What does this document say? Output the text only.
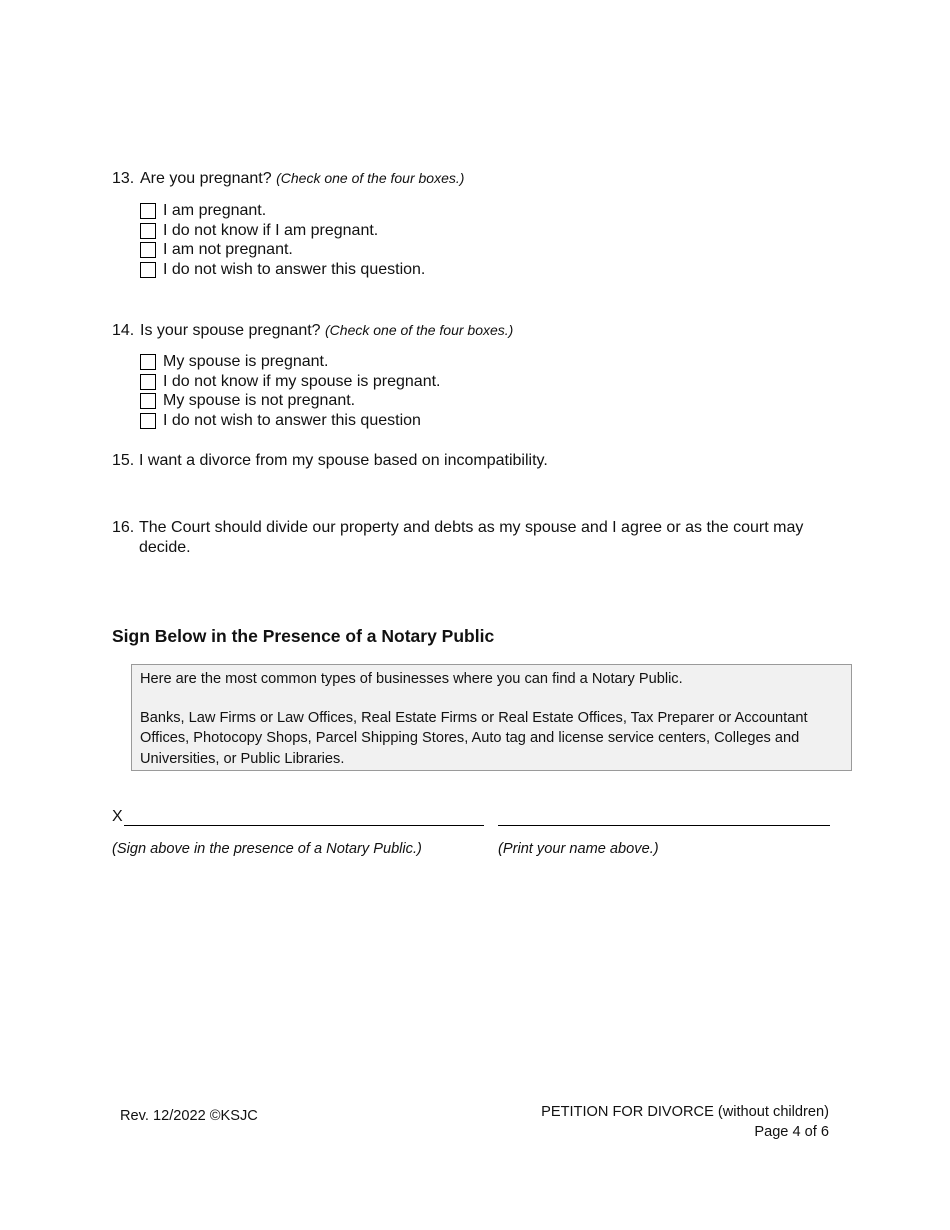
13. Are you pregnant? (Check one of the four boxes.)
I am pregnant.
I do not know if I am pregnant.
I am not pregnant.
I do not wish to answer this question.
14. Is your spouse pregnant? (Check one of the four boxes.)
My spouse is pregnant.
I do not know if my spouse is pregnant.
My spouse is not pregnant.
I do not wish to answer this question
15. I want a divorce from my spouse based on incompatibility.
16. The Court should divide our property and debts as my spouse and I agree or as the court may decide.
Sign Below in the Presence of a Notary Public

Here are the most common types of businesses where you can find a Notary Public.

Banks, Law Firms or Law Offices, Real Estate Firms or Real Estate Offices, Tax Preparer or Accountant Offices, Photocopy Shops, Parcel Shipping Stores, Auto tag and license service centers, Colleges and Universities, or Public Libraries.

X
(Sign above in the presence of a Notary Public.)	(Print your name above.)
Rev. 12/2022 ©KSJC	PETITION FOR DIVORCE (without children)
Page 4 of 6
